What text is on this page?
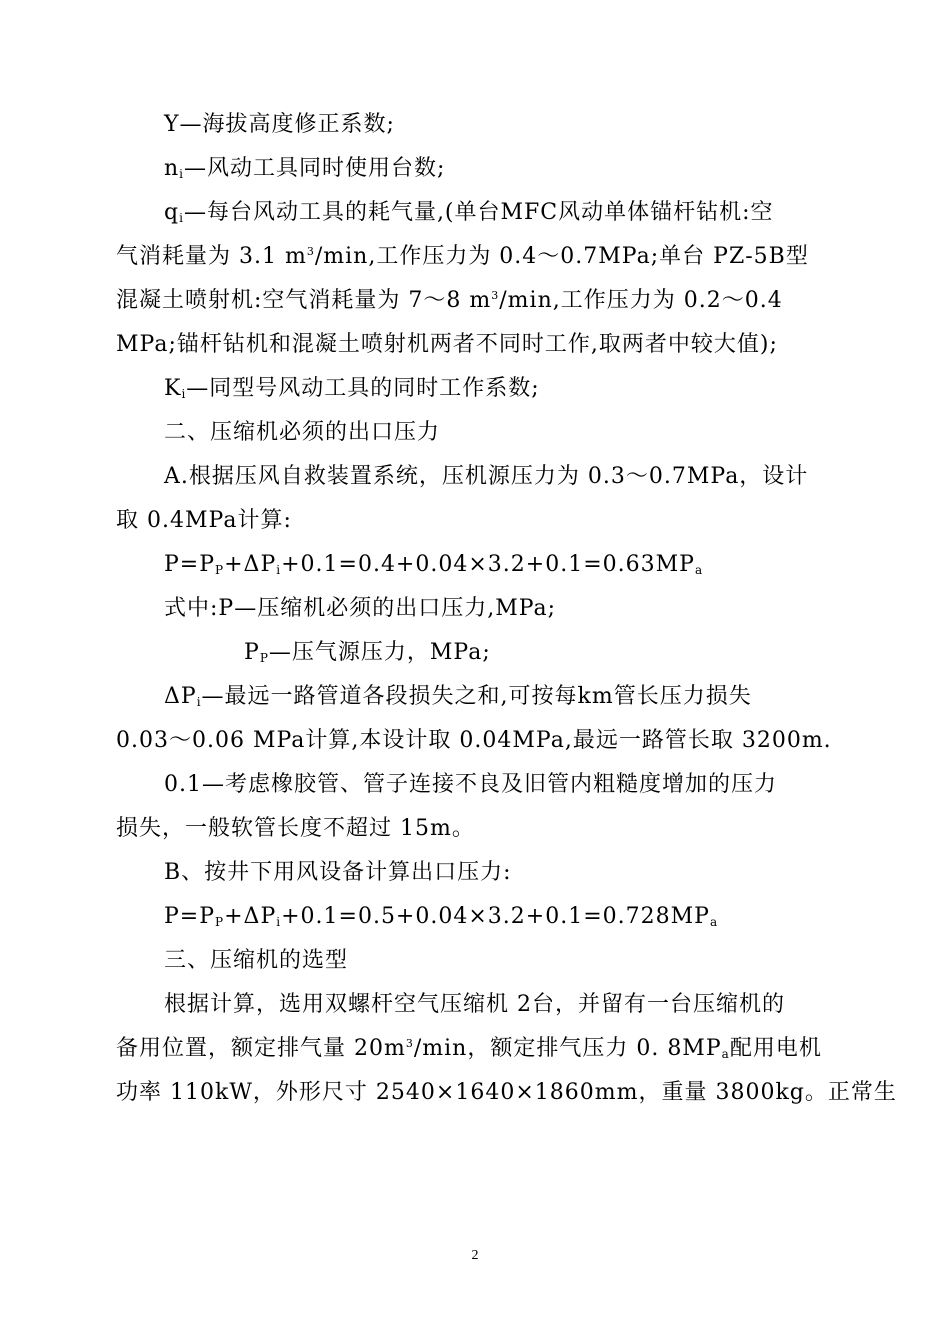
Y—海拔高度修正系数;

$n_i—$风动工具同时使用台数;

$q_i—$每台风动工具的耗气量,(单台MFC风动单体锚杆钻机:空

气消耗量为 3.1 $m^3/\min$,工作压力为 0.4～0.7MPa;单台 PZ-5B型

混凝土喷射机:空气消耗量为 7～8 $m^3/\min$,工作压力为 0.2～0.4

MPa;锚杆钻机和混凝土喷射机两者不同时工作,取两者中较大值);

$K_i—$同型号风动工具的同时工作系数;

二、压缩机必须的出口压力

A.根据压风自救装置系统，压机源压力为 0.3～0.7MPa，设计

取 0.4MPa计算:

$P=P_P+\Delta P_i+0.1=0.4+0.04\times 3.2+0.1=0.63MP_a$

式中:P—压缩机必须的出口压力,MPa;

$P_P—$压气源压力，MPa;

$\Delta P_i—$最远一路管道各段损失之和,可按每km管长压力损失

0.03～0.06 MPa计算,本设计取 0.04MPa,最远一路管长取 3200m.

0.1—考虑橡胶管、管子连接不良及旧管内粗糙度增加的压力

损失，一般软管长度不超过 15m。

B、按井下用风设备计算出口压力:

$P=P_P+\Delta P_i+0.1=0.5+0.04\times 3.2+0.1=0.728MP_a$

三、压缩机的选型

根据计算，选用双螺杆空气压缩机 2台，并留有一台压缩机的

备用位置，额定排气量 $20m^3/\min$，额定排气压力 0. $8MP_a$配用电机

功率 110kW，外形尺寸 2540×1640×1860mm，重量 3800kg。正常生

2
